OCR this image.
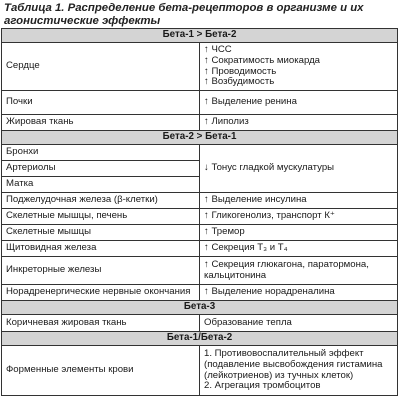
Таблица 1. Распределение бета-рецепторов в организме и их агонистические эффекты
Бета-1 > Бета-2	
Сердце	↑ ЧСС
↑ Сократимость миокарда
↑ Проводимость
↑ Возбудимость

Почки	↑ Выделение ренина
Жировая ткань	↑ Липолиз
Бета-2 > Бета-1	
Бронхи	↓ Тонус гладкой мускулатуры
Артериолы	
Матка	
Поджелудочная железа (β-клетки)	↑ Выделение инсулина
Скелетные мышцы, печень	↑ Гликогенолиз, транспорт К⁺
Скелетные мышцы	↑ Тремор
Щитовидная железа	↑ Секреция Т₃ и Т₄
Инкреторные железы	↑ Секреция глюкагона, паратормона,
кальцитонина

Норадренергические нервные окончания	↑ Выделение норадреналина
Бета-3	
Коричневая жировая ткань	Образование тепла
Бета-1/Бета-2	
Форменные элементы крови	1. Противовоспалительный эффект
(подавление высвобождения гистамина
(лейкотриенов) из тучных клеток)
2. Агрегация тромбоцитов
